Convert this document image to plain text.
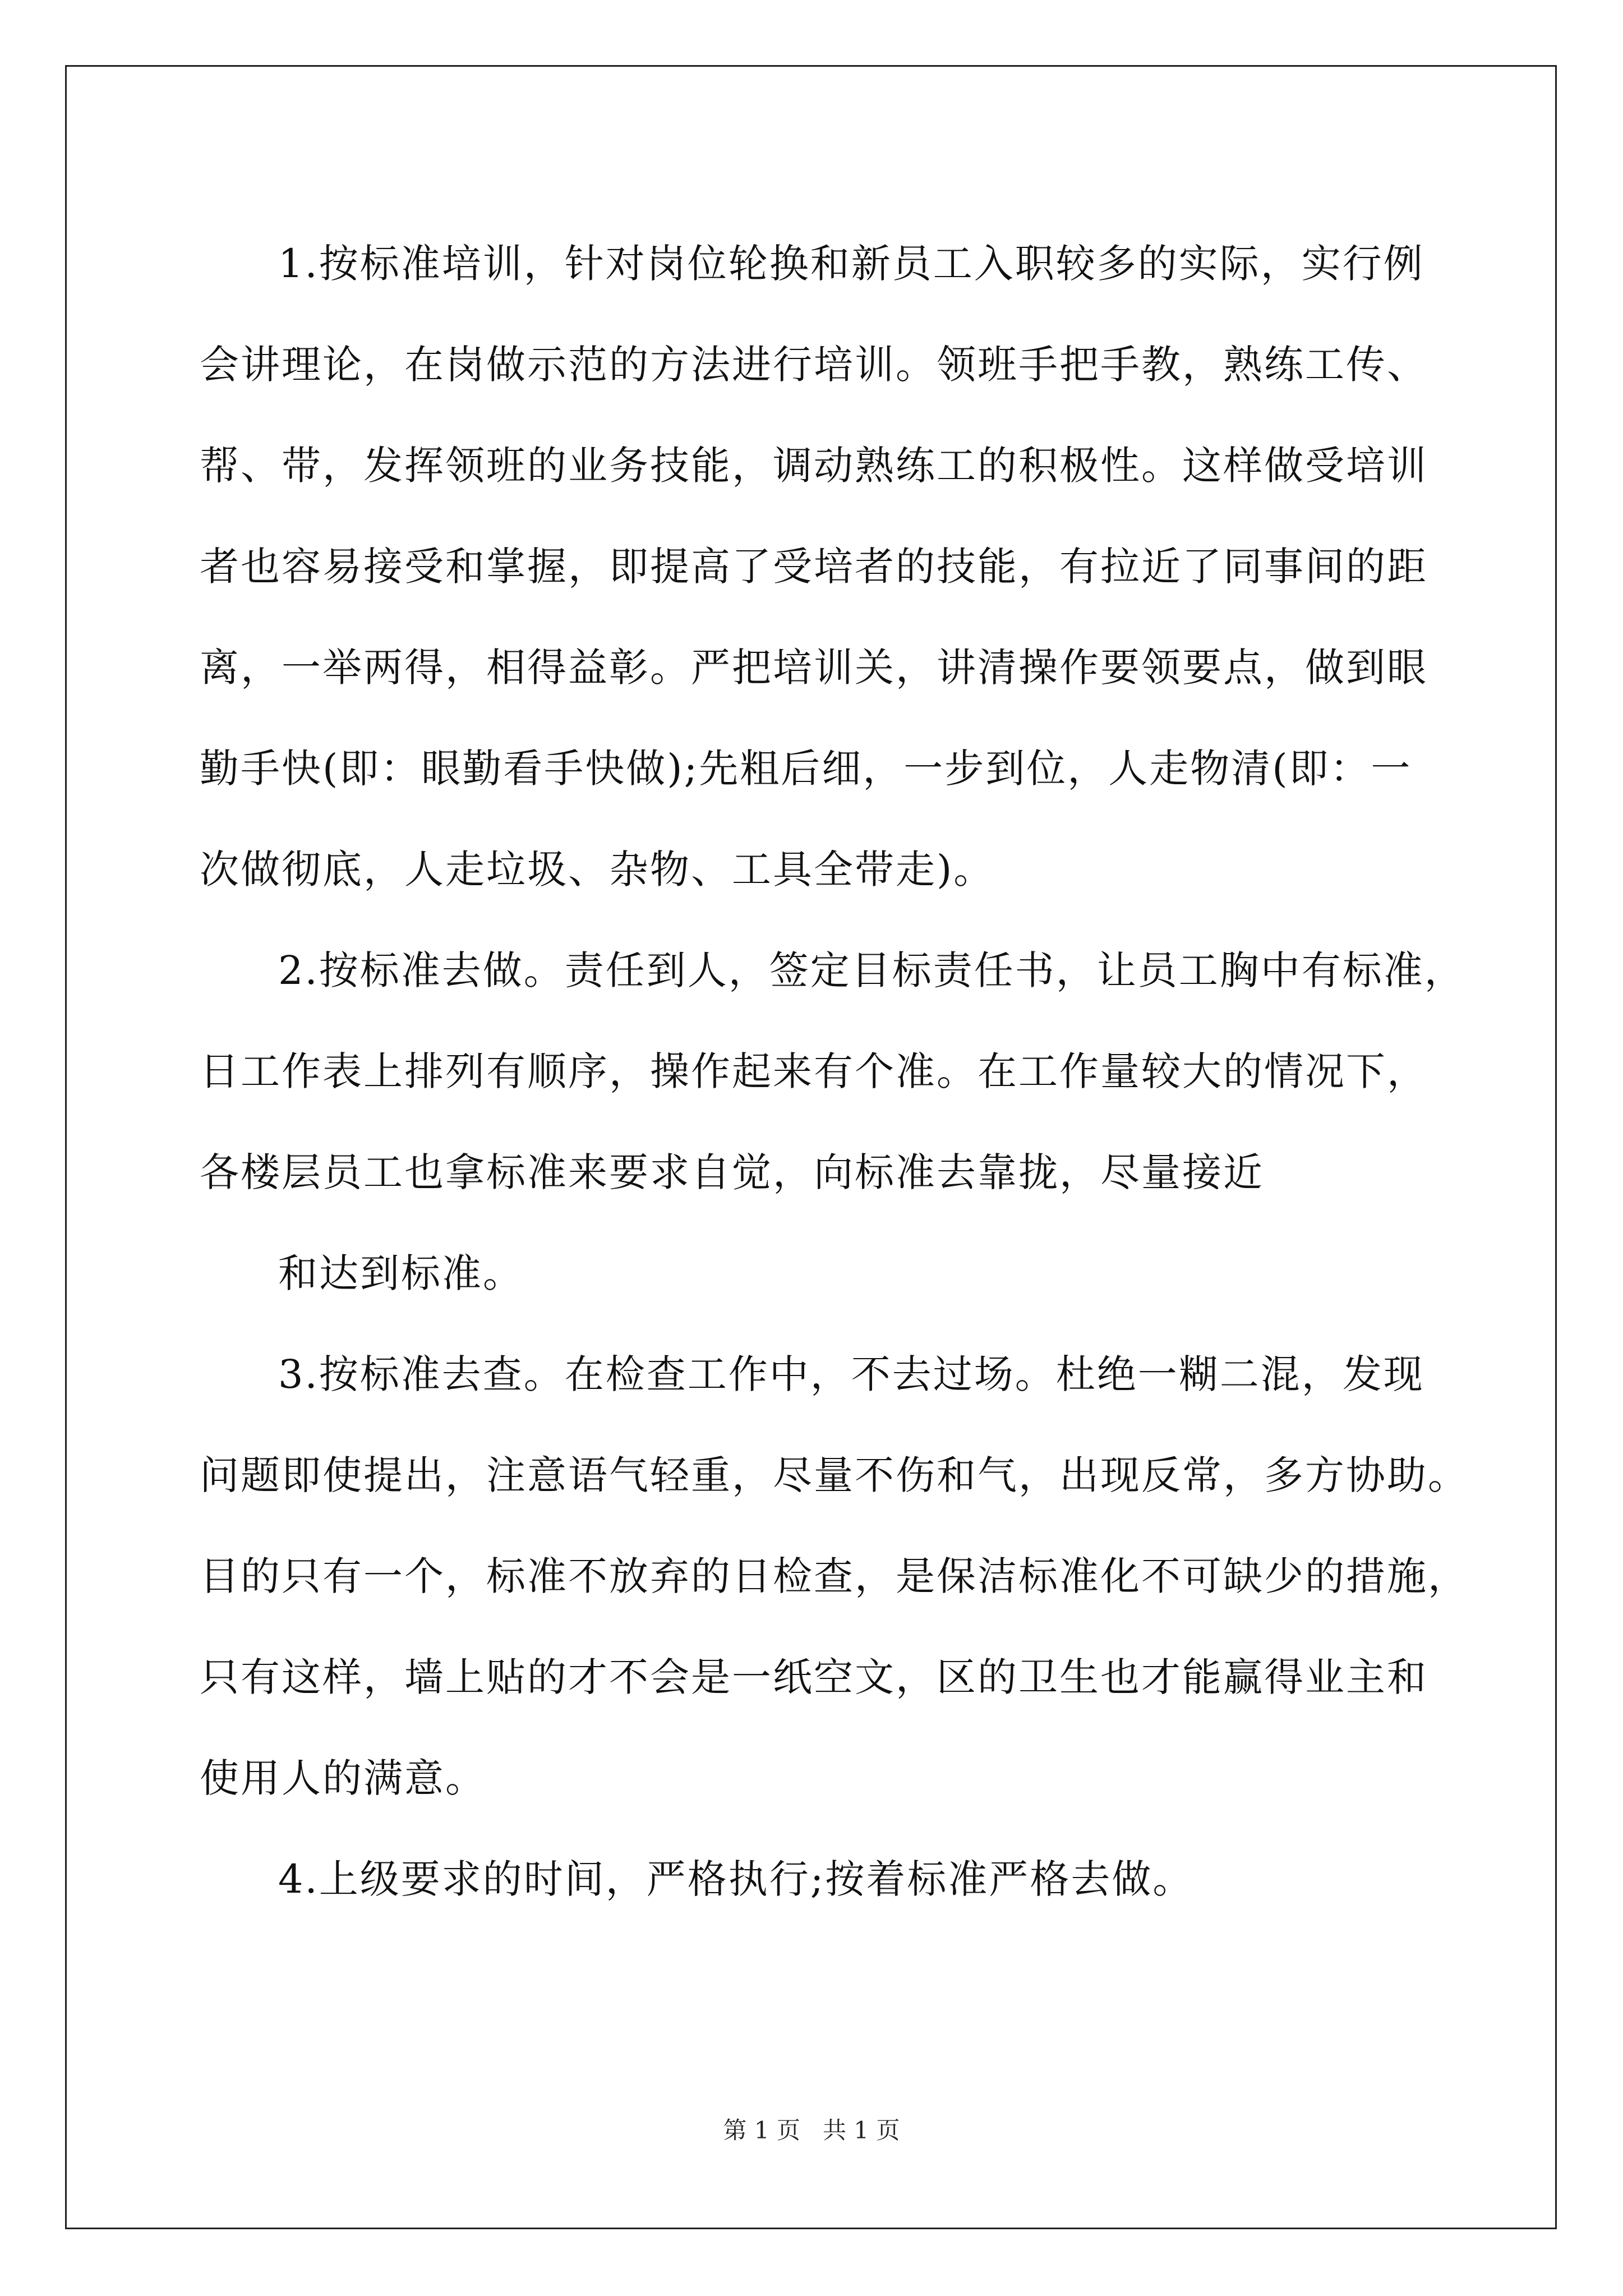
1.按标准培训，针对岗位轮换和新员工入职较多的实际，实行例
会讲理论，在岗做示范的方法进行培训。领班手把手教，熟练工传、
帮、带，发挥领班的业务技能，调动熟练工的积极性。这样做受培训
者也容易接受和掌握，即提高了受培者的技能，有拉近了同事间的距
离，一举两得，相得益彰。严把培训关，讲清操作要领要点，做到眼
勤手快(即：眼勤看手快做);先粗后细，一步到位，人走物清(即：一
次做彻底，人走垃圾、杂物、工具全带走)。
2.按标准去做。责任到人，签定目标责任书，让员工胸中有标准，
日工作表上排列有顺序，操作起来有个准。在工作量较大的情况下，
各楼层员工也拿标准来要求自觉，向标准去靠拢，尽量接近
和达到标准。
3.按标准去查。在检查工作中，不去过场。杜绝一糊二混，发现
问题即使提出，注意语气轻重，尽量不伤和气，出现反常，多方协助。
目的只有一个，标准不放弃的日检查，是保洁标准化不可缺少的措施，
只有这样，墙上贴的才不会是一纸空文，区的卫生也才能赢得业主和
使用人的满意。
4.上级要求的时间，严格执行;按着标准严格去做。
第 1 页   共 1 页
